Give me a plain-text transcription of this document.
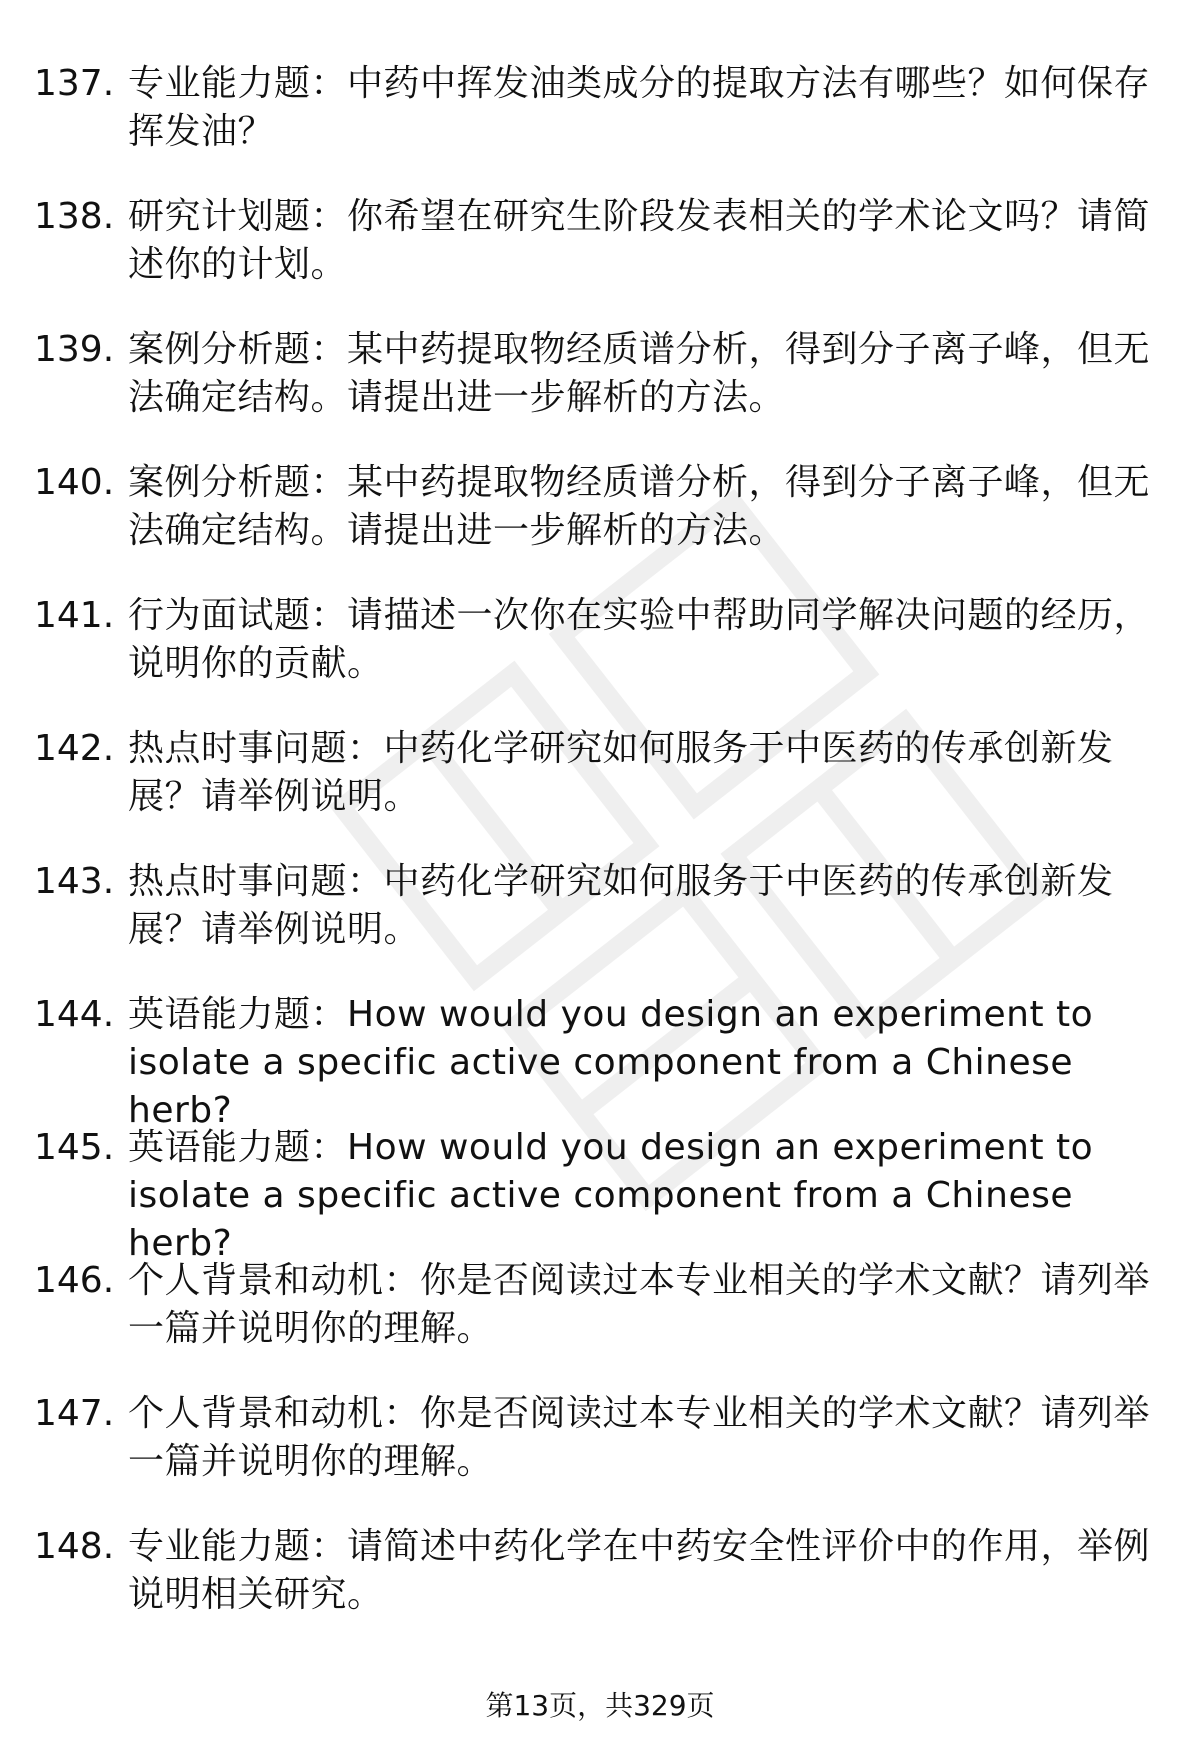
137. 专业能力题：中药中挥发油类成分的提取方法有哪些？如何保存挥发油？
138. 研究计划题：你希望在研究生阶段发表相关的学术论文吗？请简述你的计划。
139. 案例分析题：某中药提取物经质谱分析，得到分子离子峰，但无法确定结构。请提出进一步解析的方法。
140. 案例分析题：某中药提取物经质谱分析，得到分子离子峰，但无法确定结构。请提出进一步解析的方法。
141. 行为面试题：请描述一次你在实验中帮助同学解决问题的经历，说明你的贡献。
142. 热点时事问题：中药化学研究如何服务于中医药的传承创新发展？请举例说明。
143. 热点时事问题：中药化学研究如何服务于中医药的传承创新发展？请举例说明。
144. 英语能力题：How would you design an experiment to isolate a specific active component from a Chinese herb?
145. 英语能力题：How would you design an experiment to isolate a specific active component from a Chinese herb?
146. 个人背景和动机：你是否阅读过本专业相关的学术文献？请列举一篇并说明你的理解。
147. 个人背景和动机：你是否阅读过本专业相关的学术文献？请列举一篇并说明你的理解。
148. 专业能力题：请简述中药化学在中药安全性评价中的作用，举例说明相关研究。
第13页，共329页
